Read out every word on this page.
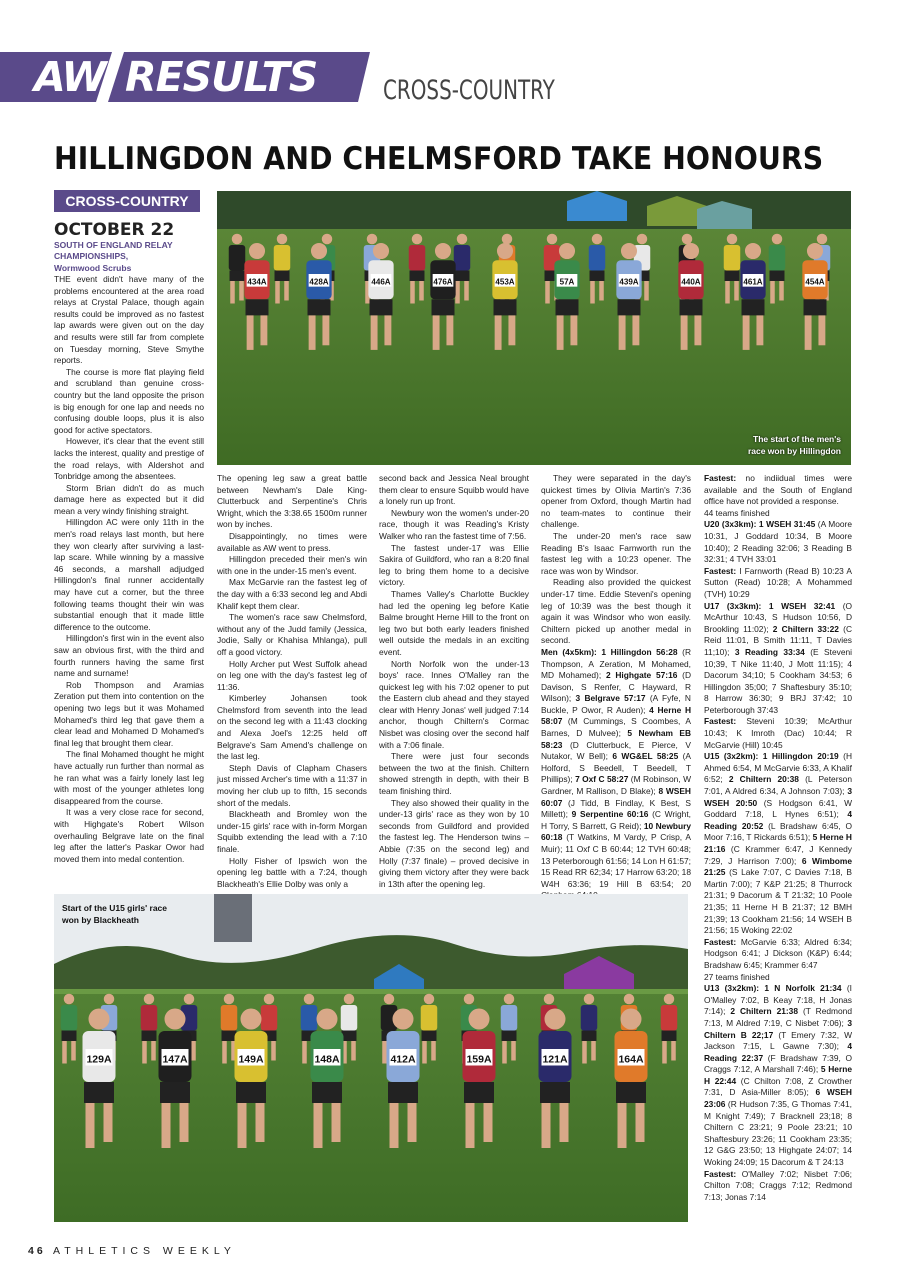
AW RESULTS CROSS-COUNTRY
HILLINGDON AND CHELMSFORD TAKE HONOURS
CROSS-COUNTRY
OCTOBER 22
SOUTH OF ENGLAND RELAY CHAMPIONSHIPS,
Wormwood Scrubs

THE event didn't have many of the problems encountered at the area road relays at Crystal Palace, though again results could be improved as no fastest lap awards were given out on the day and results were still far from complete on Tuesday morning, Steve Smythe reports.

The course is more flat playing field and scrubland than genuine cross-country but the land opposite the prison is big enough for one lap and needs no confusing double loops, plus it is also good for active spectators.

However, it's clear that the event still lacks the interest, quality and prestige of the road relays, with Aldershot and Tonbridge among the absentees.

Storm Brian didn't do as much damage here as expected but it did mean a very windy finishing straight.

Hillingdon AC were only 11th in the men's road relays last month, but here they won clearly after surviving a last-lap scare. While winning by a massive 46 seconds, a marshall adjudged Hillingdon's final runner accidentally may have cut a corner, but the three following teams thought their win was substantial enough that it made little difference to the outcome.

Hillingdon's first win in the event also saw an obvious first, with the third and fourth runners having the same first name and surname!

Rob Thompson and Aramias Zeration put them into contention on the opening two legs but it was Mohamed Mohamed's third leg that gave them a clear lead and Mohamed D Mohamed's final leg that brought them clear.

The final Mohamed thought he might have actually run further than normal as he ran what was a fairly lonely last leg with most of the younger athletes long disappeared from the course.

It was a very close race for second, with Highgate's Robert Wilson overhauling Belgrave late on the final leg after the latter's Paskar Owor had moved them into medal contention.

434A	428A	446A	476A	453A	57A	439A	440A	461A	454A
The start of the men's
race won by Hillingdon

The opening leg saw a great battle between Newham's Dale King-Clutterbuck and Serpentine's Chris Wright, which the 3:38.65 1500m runner won by inches.

Disappointingly, no times were available as AW went to press.

Hillingdon preceded their men's win with one in the under-15 men's event.

Max McGarvie ran the fastest leg of the day with a 6:33 second leg and Abdi Khalif kept them clear.

The women's race saw Chelmsford, without any of the Judd family (Jessica, Jodie, Sally or Khahisa Mhlanga), pull off a good victory.

Holly Archer put West Suffolk ahead on leg one with the day's fastest leg of 11:36.

Kimberley Johansen took Chelmsford from seventh into the lead on the second leg with a 11:43 clocking and Alexa Joel's 12:25 held off Belgrave's Sam Amend's challenge on the last leg.

Steph Davis of Clapham Chasers just missed Archer's time with a 11:37 in moving her club up to fifth, 15 seconds short of the medals.

Blackheath and Bromley won the under-15 girls' race with in-form Morgan Squibb extending the lead with a 7:10 finale.

Holly Fisher of Ipswich won the opening leg battle with a 7:24, though Blackheath's Ellie Dolby was only a

second back and Jessica Neal brought them clear to ensure Squibb would have a lonely run up front.

Newbury won the women's under-20 race, though it was Reading's Kristy Walker who ran the fastest time of 7:56.

The fastest under-17 was Ellie Sakira of Guildford, who ran a 8:20 final leg to bring them home to a decisive victory.

Thames Valley's Charlotte Buckley had led the opening leg before Katie Balme brought Herne Hill to the front on leg two but both early leaders finished well outside the medals in an exciting event.

North Norfolk won the under-13 boys' race. Innes O'Malley ran the quickest leg with his 7:02 opener to put the Eastern club ahead and they stayed clear with Henry Jonas' well judged 7:14 anchor, though Chiltern's Cormac Nisbet was closing over the second half with a 7:06 finale.

There were just four seconds between the two at the finish. Chiltern showed strength in depth, with their B team finishing third.

They also showed their quality in the under-13 girls' race as they won by 10 seconds from Guildford and provided the fastest leg. The Henderson twins – Abbie (7:35 on the second leg) and Holly (7:37 finale) – proved decisive in giving them victory after they were back in 13th after the opening leg.

They were separated in the day's quickest times by Olivia Martin's 7:36 opener from Oxford, though Martin had no team-mates to continue their challenge.

The under-20 men's race saw Reading B's Isaac Farnworth run the fastest leg with a 10:23 opener. The race was won by Windsor.

Reading also provided the quickest under-17 time. Eddie Steveni's opening leg of 10:39 was the best though it again it was Windsor who won easily. Chiltern picked up another medal in second.

Men (4x5km): 1 Hillingdon 56:28 (R Thompson, A Zeration, M Mohamed, MD Mohamed); 2 Highgate 57:16 (D Davison, S Renfer, C Hayward, R Wilson); 3 Belgrave 57:17 (A Fyfe, N Buckle, P Owor, R Auden); 4 Herne H 58:07 (M Cummings, S Coombes, A Barnes, D Mulvee); 5 Newham EB 58:23 (D Clutterbuck, E Pierce, V Nutakor, W Bell); 6 WG&EL 58:25 (A Holford, S Beedell, T Beedell, T Phillips); 7 Oxf C 58:27 (M Robinson, W Gardner, M Rallison, D Blake); 8 WSEH 60:07 (J Tidd, B Findlay, K Best, S Millett); 9 Serpentine 60:16 (C Wright, H Torry, S Barrett, G Reid); 10 Newbury 60:18 (T Watkins, M Vardy, P Crisp, A Muir); 11 Oxf C B 60:44; 12 TVH 60:48; 13 Peterborough 61:56; 14 Lon H 61:57; 15 Read RR 62;34; 17 Harrow 63:20; 18 W4H 63:36; 19 Hill B 63:54; 20

Fastest: no indiidual times were available and the South of England office have not provided a response.

44 teams finished

U20 (3x3km): 1 WSEH 31:45 (A Moore 10:31, J Goddard 10:34, B Moore 10:40); 2 Reading 32:06; 3 Reading B 32:31; 4 TVH 33:01

Fastest: I Farnworth (Read B) 10:23 A Sutton (Read) 10:28; A Mohammed (TVH) 10:29

U17 (3x3km): 1 WSEH 32:41 (O McArthur 10:43, S Hudson 10:56, D Brookling 11:02); 2 Chiltern 33:22 (C Reid 11:01, B Smith 11:11, T Davies 11;10); 3 Reading 33:34 (E Steveni 10;39, T Nike 11:40, J Mott 11:15); 4 Dacorum 34;10; 5 Cookham 34:53; 6 Hillingdon 35;00; 7 Shaftesbury 35:10; 8 Harrow 36:30; 9 BRJ 37:42; 10 Peterborough 37:43

Fastest: Steveni 10:39; McArthur 10:43; K Imroth (Dac) 10:44; R McGarvie (Hill) 10:45

U15 (3x2km): 1 Hillingdon 20:19 (H Ahmed 6:54, M McGarvie 6:33, A Khalif 6:52; 2 Chiltern 20:38 (L Peterson 7:01, A Aldred 6:34, A Johnson 7:03); 3 WSEH 20:50 (S Hodgson 6:41, W Goddard 7:18, L Hynes 6:51); 4 Reading 20:52 (L Bradshaw 6:45, O Moor 7:16, T Rickards 6:51); 5 Herne H 21:16 (C Krammer 6:47, J Kennedy 7:29, J Harrison 7:00); 6 Wimbome 21:25 (S Lake 7:07, C Davies 7:18, B Martin 7:00); 7 K&P 21:25; 8 Thurrock 21:31; 9 Dacorum & T 21:32; 10 Poole 21;35; 11 Herne H B 21:37; 12 BMH 21;39; 13 Cookham 21:56; 14 WSEH B 21:56; 15 Woking 22:02

Fastest: McGarvie 6:33; Aldred 6:34; Hodgson 6:41; J Dickson (K&P) 6:44; Bradshaw 6:45; Krammer 6:47

27 teams finished

U13 (3x2km): 1 N Norfolk 21:34 (I O'Malley 7:02, B Keay 7:18, H Jonas 7:14); 2 Chiltern 21:38 (T Redmond 7:13, M Aldred 7:19, C Nisbet 7:06); 3 Chiltern B 22;17 (T Emery 7:32, W Jackson 7:15, L Gawne 7:30); 4 Reading 22:37 (F Bradshaw 7:39, O Craggs 7:12, A Marshall 7:46); 5 Herne H 22:44 (C Chilton 7:08, Z Crowther 7:31, D Asia-Miller 8:05); 6 WSEH 23:06 (R Hudson 7:35, G Thomas 7:41, M Knight 7:49); 7 Bracknell 23;18; 8 Chiltern C 23:21; 9 Poole 23:21; 10 Shaftesbury 23:26; 11 Cookham 23:35; 12 G&G 23:50; 13 Highgate 24:07; 14 Woking 24:09; 15 Dacorum & T 24:13

Fastest: O'Malley 7:02; Nisbet 7:06; Chilton 7:08; Craggs 7:12; Redmond 7:13; Jonas 7:14

129A	147A	149A	148A	412A	159A	121A	164A
Start of the U15 girls' race
won by Blackheath
46 ATHLETICS WEEKLY
